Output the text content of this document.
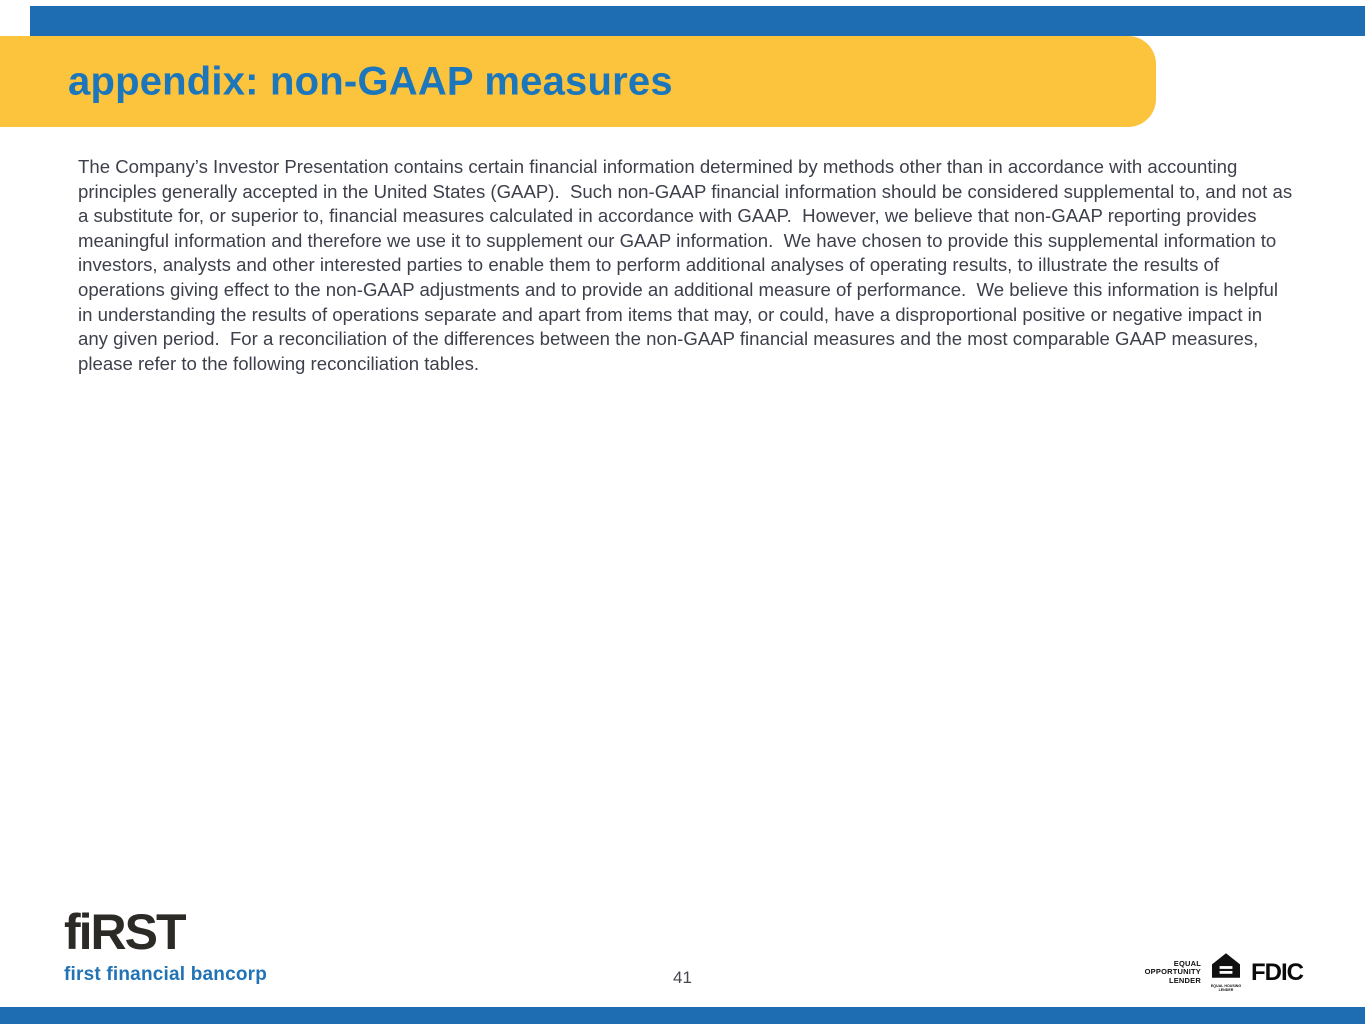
appendix: non-GAAP measures
The Company’s Investor Presentation contains certain financial information determined by methods other than in accordance with accounting principles generally accepted in the United States (GAAP).  Such non-GAAP financial information should be considered supplemental to, and not as a substitute for, or superior to, financial measures calculated in accordance with GAAP.  However, we believe that non-GAAP reporting provides meaningful information and therefore we use it to supplement our GAAP information.  We have chosen to provide this supplemental information to investors, analysts and other interested parties to enable them to perform additional analyses of operating results, to illustrate the results of operations giving effect to the non-GAAP adjustments and to provide an additional measure of performance.  We believe this information is helpful in understanding the results of operations separate and apart from items that may, or could, have a disproportional positive or negative impact in any given period.  For a reconciliation of the differences between the non-GAAP financial measures and the most comparable GAAP measures, please refer to the following reconciliation tables.
fiRST
first financial bancorp	41
EQUAL
OPPORTUNITY
LENDER
EQUAL HOUSING
LENDER
FDIC
